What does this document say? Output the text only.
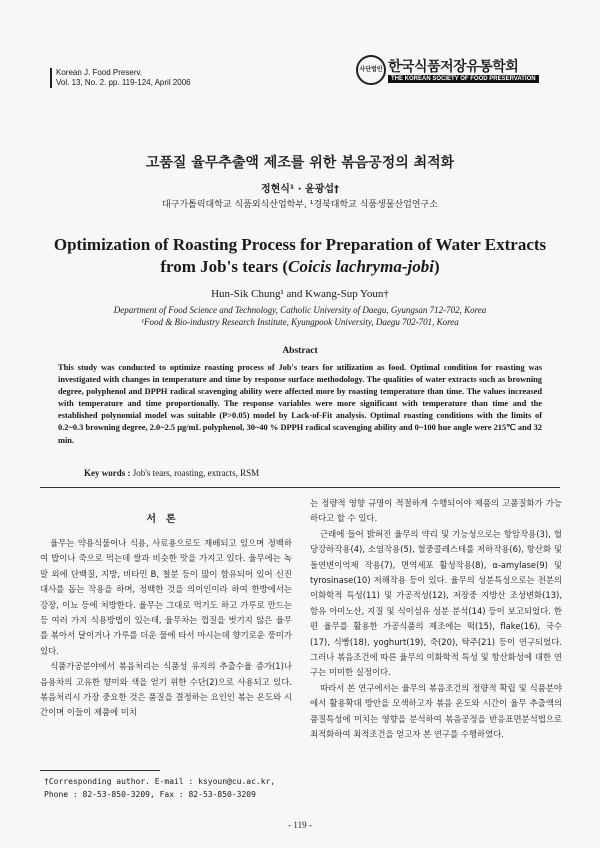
Korean J. Food Preserv.
Vol. 13, No. 2. pp. 119-124, April 2006
사단법인 한국식품저장유통학회
THE KOREAN SOCIETY OF FOOD PRESERVATION
고품질 율무추출액 제조를 위한 볶음공정의 최적화
정현식¹ · 윤광섭†
대구가톨릭대학교 식품외식산업학부, ¹경북대학교 식품생물산업연구소
Optimization of Roasting Process for Preparation of Water Extracts
from Job's tears (Coicis lachryma-jobi)
Hun-Sik Chung¹ and Kwang-Sup Youn†
Department of Food Science and Technology, Catholic University of Daegu, Gyungsan 712-702, Korea
¹Food & Bio-industry Research Institute, Kyungpook University, Daegu 702-701, Korea
Abstract
This study was conducted to optimize roasting process of Job's tears for utilization as food. Optimal condition for roasting was investigated with changes in temperature and time by response surface methodology. The qualities of water extracts such as browning degree, polyphenol and DPPH radical scavenging ability were affected more by roasting temperature than time. The values increased with temperature and time proportionally. The response variables were more significant with temperature than time and the established polynomial model was suitable (P>0.05) model by Lack-of-Fit analysis. Optimal roasting conditions with the limits of 0.2~0.3 browning degree, 2.0~2.5 μg/mL polyphenol, 30~40 % DPPH radical scavenging ability and 0~100 hue angle were 215℃ and 32 min.
Key words : Job's tears, roasting, extracts, RSM
서론

율무는 약용식물이나 식용, 사료용으로도 재배되고 있으며 정백하여 밥이나 죽으로 먹는데 쌀과 비슷한 맛을 가지고 있다. 율무에는 녹말 외에 단백질, 지방, 비타민 B, 철분 등이 많이 함유되어 있어 신진대사를 돕는 작용을 하며, 정백한 것을 의이인이라 하여 한방에서는 강장, 이뇨 등에 처방한다. 율무는 그대로 먹기도 하고 가루로 만드는 등 여러 가지 식용방법이 있는데, 율무차는 껍질을 벗기지 않은 율무를 볶아서 달이거나 가루를 더운 물에 타서 마시는데 향기로운 풍미가 있다.

식품가공분야에서 볶음처리는 식품성 유지의 추출수율 증가(1)나 음용차의 고유한 향미와 색을 얻기 위한 수단(2)으로 사용되고 있다. 볶음처리시 가장 중요한 것은 품질을 결정하는 요인인 볶는 온도와 시간이며 이들이 제품에 미치

는 정량적 영향 규명이 적절하게 수행되어야 제품의 고품질화가 가능하다고 할 수 있다.

근래에 들어 밝혀진 율무의 약리 및 기능성으로는 항암작용(3), 혈당강하작용(4), 소염작용(5), 혈중콜레스테롤 저하작용(6), 항산화 및 돌연변이억제 작용(7), 면역세포 활성작용(8), α-amylase(9) 및 tyrosinase(10) 저해작용 등이 있다. 율무의 성분특성으로는 전분의 이화학적 특성(11) 및 가공적성(12), 저장중 지방산 조성변화(13), 함유 아미노산, 지질 및 식이섬유 성분 분석(14) 등이 보고되었다. 한편 율무를 활용한 가공식품의 제조에는 떡(15), flake(16), 국수(17), 식빵(18), yoghurt(19), 죽(20), 탁주(21) 등이 연구되었다. 그러나 볶음조건에 따른 율무의 이화학적 특성 및 항산화성에 대한 연구는 미미한 실정이다.

따라서 본 연구에서는 율무의 볶음조건의 정량적 확립 및 식품분야에서 활용확대 방안을 모색하고자 볶음 온도와 시간이 율무 추출액의 품질특성에 미치는 영향을 분석하여 볶음공정을 반응표면분석법으로 최적화하여 최적조건을 얻고자 본 연구를 수행하였다.

†Corresponding author. E-mail : ksyoun@cu.ac.kr,
Phone : 82-53-850-3209, Fax : 82-53-850-3209
- 119 -
